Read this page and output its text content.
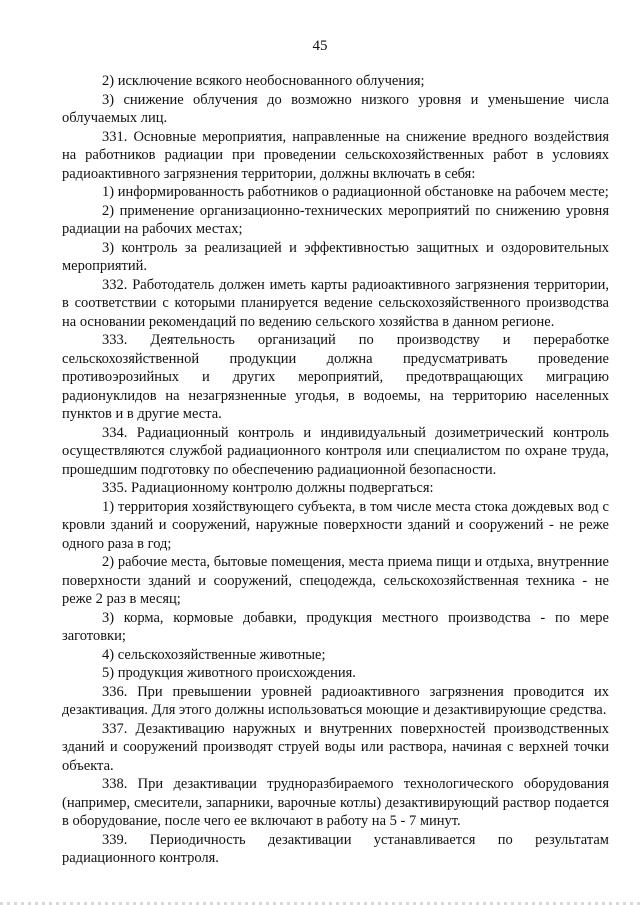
45

2) исключение всякого необоснованного облучения;

3) снижение облучения до возможно низкого уровня и уменьшение числа облучаемых лиц.

331. Основные мероприятия, направленные на снижение вредного воздействия на работников радиации при проведении сельскохозяйственных работ в условиях радиоактивного загрязнения территории, должны включать в себя:

1) информированность работников о радиационной обстановке на рабочем месте;

2) применение организационно-технических мероприятий по снижению уровня радиации на рабочих местах;

3) контроль за реализацией и эффективностью защитных и оздоровительных мероприятий.

332. Работодатель должен иметь карты радиоактивного загрязнения территории, в соответствии с которыми планируется ведение сельскохозяйственного производства на основании рекомендаций по ведению сельского хозяйства в данном регионе.

333. Деятельность организаций по производству и переработке сельскохозяйственной продукции должна предусматривать проведение противоэрозийных и других мероприятий, предотвращающих миграцию радионуклидов на незагрязненные угодья, в водоемы, на территорию населенных пунктов и в другие места.

334. Радиационный контроль и индивидуальный дозиметрический контроль осуществляются службой радиационного контроля или специалистом по охране труда, прошедшим подготовку по обеспечению радиационной безопасности.

335. Радиационному контролю должны подвергаться:

1) территория хозяйствующего субъекта, в том числе места стока дождевых вод с кровли зданий и сооружений, наружные поверхности зданий и сооружений - не реже одного раза в год;

2) рабочие места, бытовые помещения, места приема пищи и отдыха, внутренние поверхности зданий и сооружений, спецодежда, сельскохозяйственная техника - не реже 2 раз в месяц;

3) корма, кормовые добавки, продукция местного производства - по мере заготовки;

4) сельскохозяйственные животные;

5) продукция животного происхождения.

336. При превышении уровней радиоактивного загрязнения проводится их дезактивация. Для этого должны использоваться моющие и дезактивирующие средства.

337. Дезактивацию наружных и внутренних поверхностей производственных зданий и сооружений производят струей воды или раствора, начиная с верхней точки объекта.

338. При дезактивации трудноразбираемого технологического оборудования (например, смесители, запарники, варочные котлы) дезактивирующий раствор подается в оборудование, после чего ее включают в работу на 5 - 7 минут.

339. Периодичность дезактивации устанавливается по результатам радиационного контроля.
